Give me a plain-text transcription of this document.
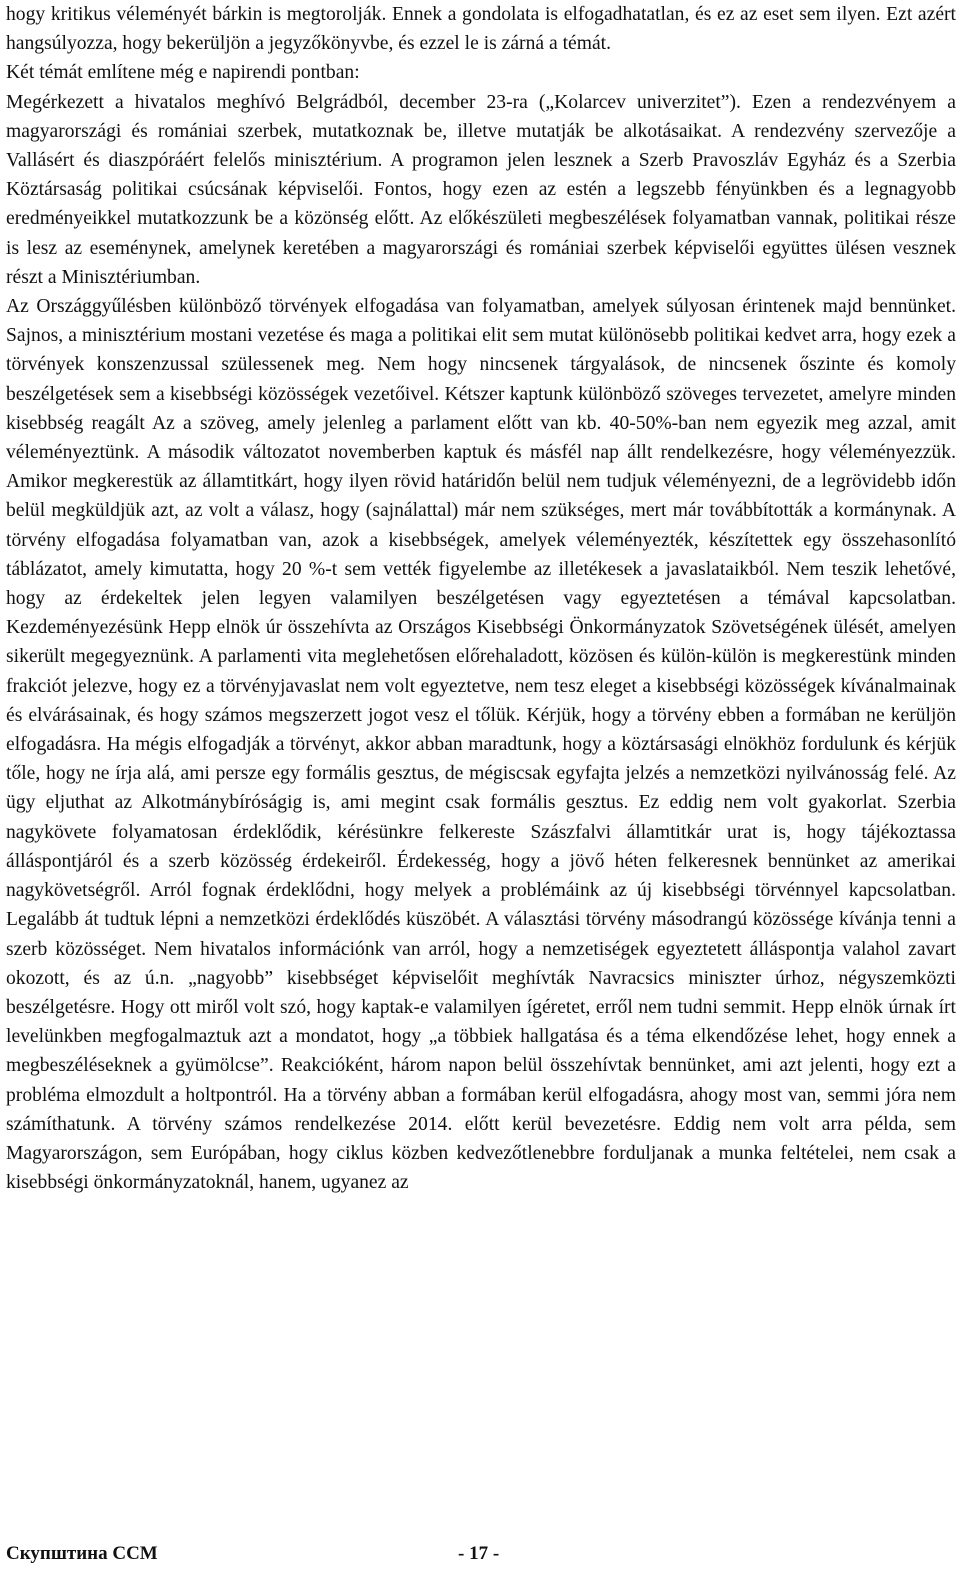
hogy kritikus véleményét bárkin is megtorolják. Ennek a gondolata is elfogadhatatlan, és ez az eset sem ilyen. Ezt azért hangsúlyozza, hogy bekerüljön a jegyzőkönyvbe, és ezzel le is zárná a témát.

Két témát említene még e napirendi pontban:

Megérkezett a hivatalos meghívó Belgrádból, december 23-ra („Kolarcev univerzitet”). Ezen a rendezvényem a magyarországi és romániai szerbek, mutatkoznak be, illetve mutatják be alkotásaikat. A rendezvény szervezője a Vallásért és diaszpóráért felelős minisztérium. A programon jelen lesznek a Szerb Pravoszláv Egyház és a Szerbia Köztársaság politikai csúcsának képviselői. Fontos, hogy ezen az estén a legszebb fényünkben és a legnagyobb eredményeikkel mutatkozzunk be a közönség előtt. Az előkészületi megbeszélések folyamatban vannak, politikai része is lesz az eseménynek, amelynek keretében a magyarországi és romániai szerbek képviselői együttes ülésen vesznek részt a Minisztériumban.

Az Országgyűlésben különböző törvények elfogadása van folyamatban, amelyek súlyosan érintenek majd bennünket. Sajnos, a minisztérium mostani vezetése és maga a politikai elit sem mutat különösebb politikai kedvet arra, hogy ezek a törvények konszenzussal szülessenek meg. Nem hogy nincsenek tárgyalások, de nincsenek őszinte és komoly beszélgetések sem a kisebbségi közösségek vezetőivel. Kétszer kaptunk különböző szöveges tervezetet, amelyre minden kisebbség reagált Az a szöveg, amely jelenleg a parlament előtt van kb. 40-50%-ban nem egyezik meg azzal, amit véleményeztünk. A második változatot novemberben kaptuk és másfél nap állt rendelkezésre, hogy véleményezzük. Amikor megkerestük az államtitkárt, hogy ilyen rövid határidőn belül nem tudjuk véleményezni, de a legrövidebb időn belül megküldjük azt, az volt a válasz, hogy (sajnálattal) már nem szükséges, mert már továbbították a kormánynak. A törvény elfogadása folyamatban van, azok a kisebbségek, amelyek véleményezték, készítettek egy összehasonlító táblázatot, amely kimutatta, hogy 20 %-t sem vették figyelembe az illetékesek a javaslataikból. Nem teszik lehetővé, hogy az érdekeltek jelen legyen valamilyen beszélgetésen vagy egyeztetésen a témával kapcsolatban. Kezdeményezésünk Hepp elnök úr összehívta az Országos Kisebbségi Önkormányzatok Szövetségének ülését, amelyen sikerült megegyeznünk. A parlamenti vita meglehetősen előrehaladott, közösen és külön-külön is megkerestünk minden frakciót jelezve, hogy ez a törvényjavaslat nem volt egyeztetve, nem tesz eleget a kisebbségi közösségek kívánalmainak és elvárásainak, és hogy számos megszerzett jogot vesz el tőlük. Kérjük, hogy a törvény ebben a formában ne kerüljön elfogadásra. Ha mégis elfogadják a törvényt, akkor abban maradtunk, hogy a köztársasági elnökhöz fordulunk és kérjük tőle, hogy ne írja alá, ami persze egy formális gesztus, de mégiscsak egyfajta jelzés a nemzetközi nyilvánosság felé. Az ügy eljuthat az Alkotmánybíróságig is, ami megint csak formális gesztus. Ez eddig nem volt gyakorlat. Szerbia nagykövete folyamatosan érdeklődik, kérésünkre felkereste Szászfalvi államtitkár urat is, hogy tájékoztassa álláspontjáról és a szerb közösség érdekeiről. Érdekesség, hogy a jövő héten felkeresnek bennünket az amerikai nagykövetségről. Arról fognak érdeklődni, hogy melyek a problémáink az új kisebbségi törvénnyel kapcsolatban. Legalább át tudtuk lépni a nemzetközi érdeklődés küszöbét. A választási törvény másodrangú közössége kívánja tenni a szerb közösséget. Nem hivatalos információnk van arról, hogy a nemzetiségek egyeztetett álláspontja valahol zavart okozott, és az ú.n. „nagyobb” kisebbséget képviselőit meghívták Navracsics miniszter úrhoz, négyszemközti beszélgetésre. Hogy ott miről volt szó, hogy kaptak-e valamilyen ígéretet, erről nem tudni semmit. Hepp elnök úrnak írt levelünkben megfogalmaztuk azt a mondatot, hogy „a többiek hallgatása és a téma elkendőzése lehet, hogy ennek a megbeszéléseknek a gyümölcse”. Reakcióként, három napon belül összehívtak bennünket, ami azt jelenti, hogy ezt a probléma elmozdult a holtpontról. Ha a törvény abban a formában kerül elfogadásra, ahogy most van, semmi jóra nem számíthatunk. A törvény számos rendelkezése 2014. előtt kerül bevezetésre. Eddig nem volt arra példa, sem Magyarországon, sem Európában, hogy ciklus közben kedvezőtlenebbre forduljanak a munka feltételei, nem csak a kisebbségi önkormányzatoknál, hanem, ugyanez az

Скупштина ССМ	- 17 -
